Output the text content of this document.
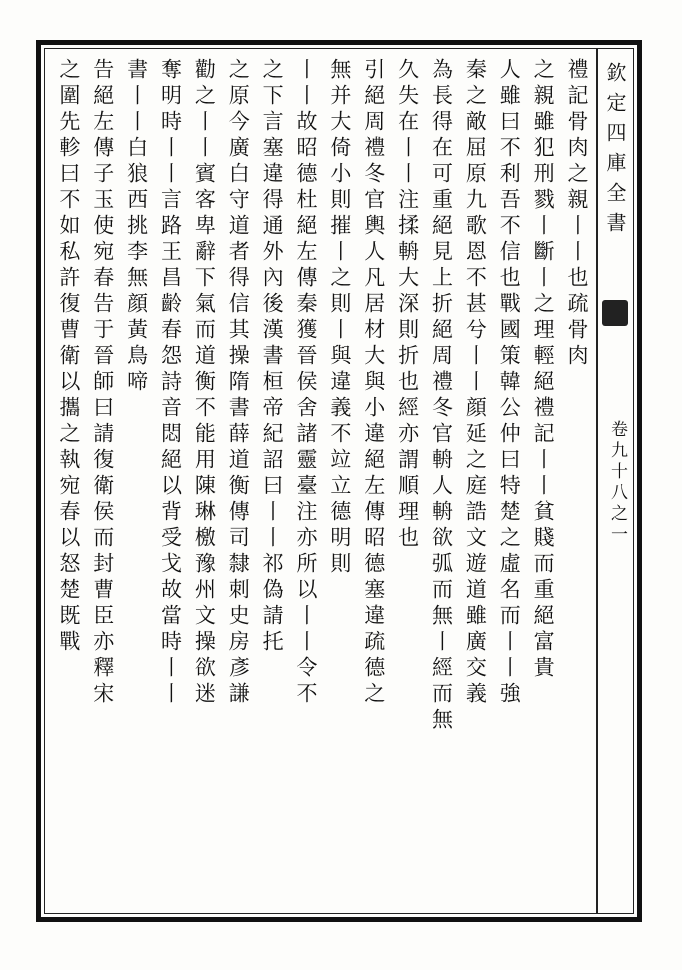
欽定四庫全書
卷九十八之一
禮記骨肉之親丨丨也疏骨肉
之親雖犯刑戮丨斷丨之理輕絕禮記丨丨貧賤而重絕富貴
人雖曰不利吾不信也戰國策韓公仲曰特楚之虛名而丨丨強
秦之敵屈原九歌恩不甚兮丨丨顔延之庭誥文遊道雖廣交義
為長得在可重絕見上折絕周禮冬官輈人輈欲弧而無丨經而無
久失在丨丨注揉輈大深則折也經亦謂順理也
引絕周禮冬官輿人凡居材大與小違絕左傳昭德塞違疏德之
無并大倚小則摧丨之則丨與違義不竝立德明則
丨丨故昭德杜絕左傳秦獲晉侯舍諸靈臺注亦所以丨丨令不
之下言塞違得通外內後漢書桓帝紀詔曰丨丨祁偽請托
之原今廣白守道者得信其操隋書薛道衡傳司隸刺史房彥謙
勸之丨丨賓客卑辭下氣而道衡不能用陳琳檄豫州文操欲迷
奪明時丨丨言路王昌齡春怨詩音悶絕以背受戈故當時丨丨
書丨丨白狼西挑李無顔黃鳥啼
告絕左傳子玉使宛春告于晉師曰請復衛侯而封曹臣亦釋宋
之圍先軫曰不如私許復曹衛以攜之執宛春以怒楚既戰
